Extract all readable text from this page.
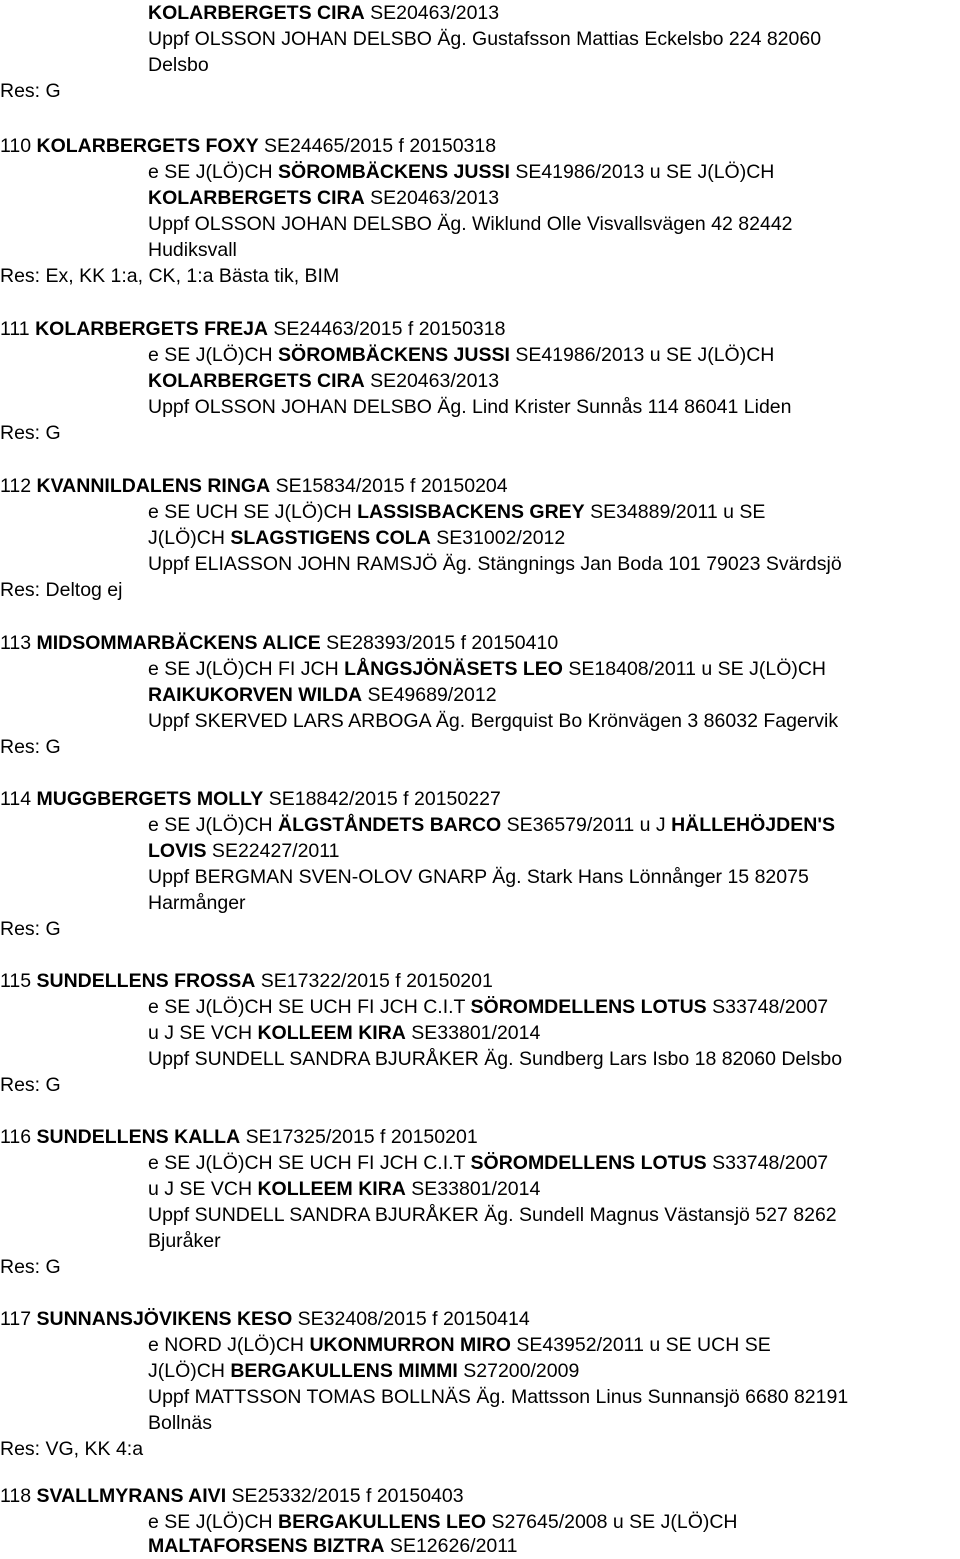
KOLARBERGETS CIRA SE20463/2013
Uppf OLSSON JOHAN DELSBO Äg. Gustafsson Mattias Eckelsbo 224 82060
Delsbo
Res: G
110 KOLARBERGETS FOXY SE24465/2015 f 20150318
e SE J(LÖ)CH SÖROMBÄCKENS JUSSI SE41986/2013 u SE J(LÖ)CH
KOLARBERGETS CIRA SE20463/2013
Uppf OLSSON JOHAN DELSBO Äg. Wiklund Olle Visvallsvägen 42 82442
Hudiksvall
Res: Ex, KK 1:a, CK, 1:a Bästa tik, BIM
111 KOLARBERGETS FREJA SE24463/2015 f 20150318
e SE J(LÖ)CH SÖROMBÄCKENS JUSSI SE41986/2013 u SE J(LÖ)CH
KOLARBERGETS CIRA SE20463/2013
Uppf OLSSON JOHAN DELSBO Äg. Lind Krister Sunnås 114 86041 Liden
Res: G
112 KVANNILDALENS RINGA SE15834/2015 f 20150204
e SE UCH SE J(LÖ)CH LASSISBACKENS GREY SE34889/2011 u SE
J(LÖ)CH SLAGSTIGENS COLA SE31002/2012
Uppf ELIASSON JOHN RAMSJÖ Äg. Stängnings Jan Boda 101 79023 Svärdsjö
Res: Deltog ej
113 MIDSOMMARBÄCKENS ALICE SE28393/2015 f 20150410
e SE J(LÖ)CH FI JCH LÅNGSJÖNÄSETS LEO SE18408/2011 u SE J(LÖ)CH
RAIKUKORVEN WILDA SE49689/2012
Uppf SKERVED LARS ARBOGA Äg. Bergquist Bo Krönvägen 3 86032 Fagervik
Res: G
114 MUGGBERGETS MOLLY SE18842/2015 f 20150227
e SE J(LÖ)CH ÄLGSTÅNDETS BARCO SE36579/2011 u J HÄLLEHÖJDEN'S
LOVIS SE22427/2011
Uppf BERGMAN SVEN-OLOV GNARP Äg. Stark Hans Lönnånger 15 82075
Harmånger
Res: G
115 SUNDELLENS FROSSA SE17322/2015 f 20150201
e SE J(LÖ)CH SE UCH FI JCH C.I.T SÖROMDELLENS LOTUS S33748/2007
u J SE VCH KOLLEEM KIRA SE33801/2014
Uppf SUNDELL SANDRA BJURÅKER Äg. Sundberg Lars Isbo 18 82060 Delsbo
Res: G
116 SUNDELLENS KALLA SE17325/2015 f 20150201
e SE J(LÖ)CH SE UCH FI JCH C.I.T SÖROMDELLENS LOTUS S33748/2007
u J SE VCH KOLLEEM KIRA SE33801/2014
Uppf SUNDELL SANDRA BJURÅKER Äg. Sundell Magnus Västansjö 527 8262
Bjuråker
Res: G
117 SUNNANSJÖVIKENS KESO SE32408/2015 f 20150414
e NORD J(LÖ)CH UKONMURRON MIRO SE43952/2011 u SE UCH SE
J(LÖ)CH BERGAKULLENS MIMMI S27200/2009
Uppf MATTSSON TOMAS BOLLNÄS Äg. Mattsson Linus Sunnansjö 6680 82191
Bollnäs
Res: VG, KK 4:a
118 SVALLMYRANS AIVI SE25332/2015 f 20150403
e SE J(LÖ)CH BERGAKULLENS LEO S27645/2008 u SE J(LÖ)CH
MALTAFORSENS BIZTRA SE12626/2011
